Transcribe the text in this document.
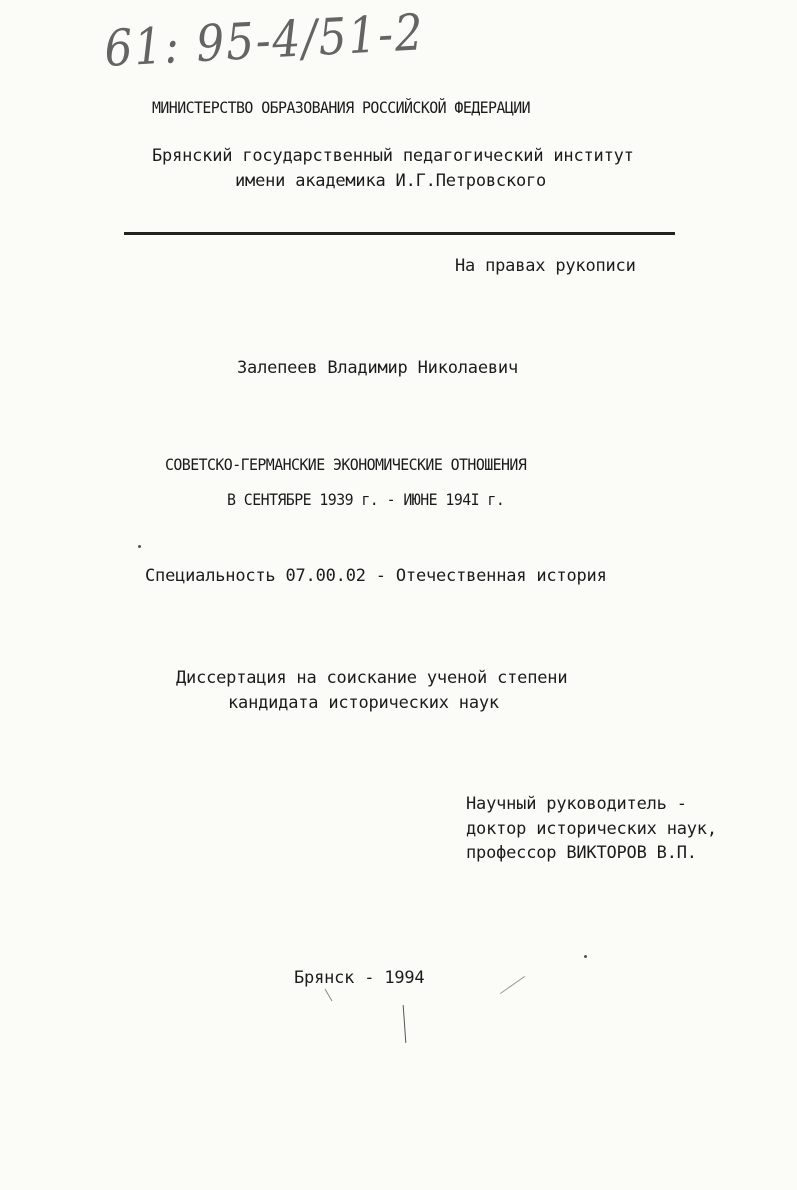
61: 95-4/51-2
МИНИСТЕРСТВО ОБРАЗОВАНИЯ РОССИЙСКОЙ ФЕДЕРАЦИИ
Брянский государственный педагогический институт
имени академика И.Г.Петровского
На правах рукописи
Залепеев Владимир Николаевич
СОВЕТСКО-ГЕРМАНСКИЕ ЭКОНОМИЧЕСКИЕ ОТНОШЕНИЯ
В СЕНТЯБРЕ 1939 г. - ИЮНЕ 194I г.
Специальность 07.00.02 - Отечественная история
Диссертация на соискание ученой степени
кандидата исторических наук
Научный руководитель -
доктор исторических наук,
профессор ВИКТОРОВ В.П.
Брянск - 1994
